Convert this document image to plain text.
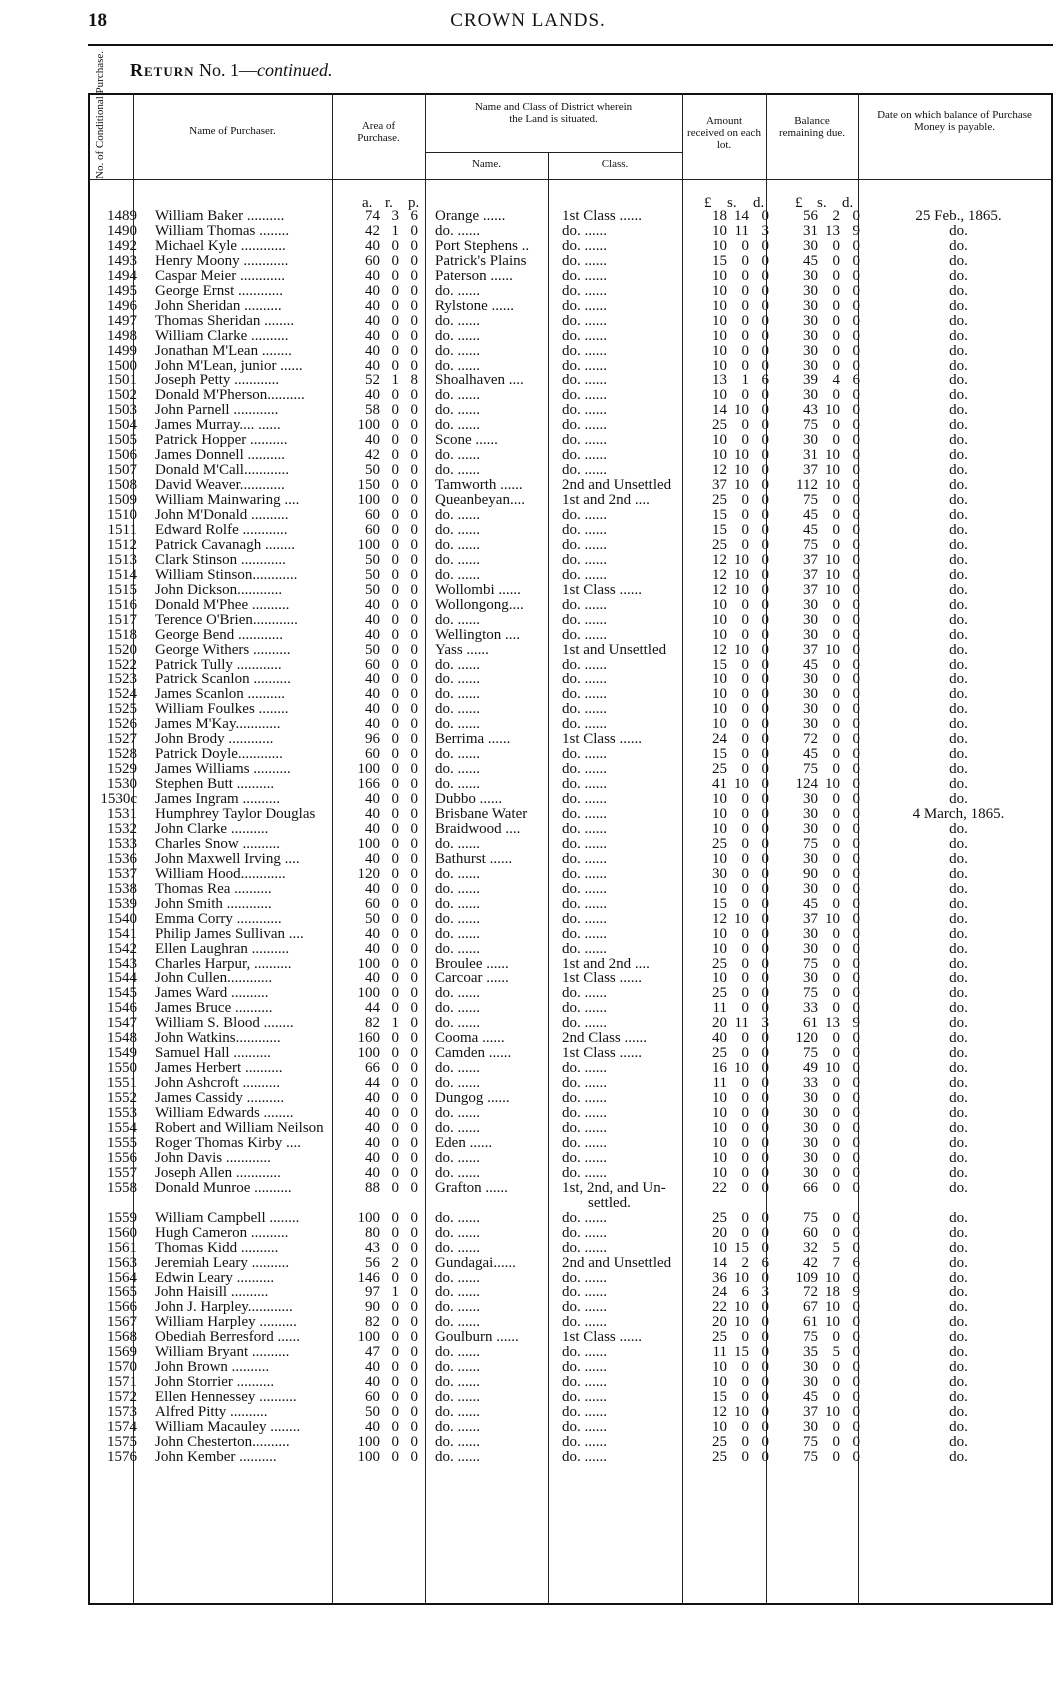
18	CROWN LANDS.
Return No. 1—continued.
No. of Conditional Purchase.	Name of Purchaser.	Area of Purchase.
Name and Class of District wherein the Land is situated.
Name.	Class.
Amount received on each lot.
Balance remaining due.
Date on which balance of Purchase Money is payable.
a. r. p.	£ s. d. £ s. d.
1489 William Baker ..........	74 3 6 Orange ......	1st Class ......	18 14 0	56 2 0	25 Feb., 1865.
1490 William Thomas ........	42 1 0 do. ......	do. ......	10 11 3	31 13 9	do.
1492 Michael Kyle ............	40 0 0 Port Stephens ..	do. ......	10 0 0	30 0 0	do.
1493 Henry Moony ............	60 0 0 Patrick's Plains	do. ......	15 0 0	45 0 0	do.
1494 Caspar Meier ............	40 0 0 Paterson ......	do. ......	10 0 0	30 0 0	do.
1495 George Ernst ............	40 0 0 do. ......	do. ......	10 0 0	30 0 0	do.
1496 John Sheridan ..........	40 0 0 Rylstone ......	do. ......	10 0 0	30 0 0	do.
1497 Thomas Sheridan ........	40 0 0 do. ......	do. ......	10 0 0	30 0 0	do.
1498 William Clarke ..........	40 0 0 do. ......	do. ......	10 0 0	30 0 0	do.
1499 Jonathan M'Lean ........	40 0 0 do. ......	do. ......	10 0 0	30 0 0	do.
1500 John M'Lean, junior ......	40 0 0 do. ......	do. ......	10 0 0	30 0 0	do.
1501 Joseph Petty ............	52 1 8 Shoalhaven ....	do. ......	13 1 6	39 4 6	do.
1502 Donald M'Pherson..........	40 0 0 do. ......	do. ......	10 0 0	30 0 0	do.
1503 John Parnell ............	58 0 0 do. ......	do. ......	14 10 0	43 10 0	do.
1504 James Murray.... ......	100 0 0 do. ......	do. ......	25 0 0	75 0 0	do.
1505 Patrick Hopper ..........	40 0 0 Scone ......	do. ......	10 0 0	30 0 0	do.
1506 James Donnell ..........	42 0 0 do. ......	do. ......	10 10 0	31 10 0	do.
1507 Donald M'Call............	50 0 0 do. ......	do. ......	12 10 0	37 10 0	do.
1508 David Weaver............	150 0 0 Tamworth ......	2nd and Unsettled	37 10 0	112 10 0	do.
1509 William Mainwaring ....	100 0 0 Queanbeyan....	1st and 2nd ....	25 0 0	75 0 0	do.
1510 John M'Donald ..........	60 0 0 do. ......	do. ......	15 0 0	45 0 0	do.
1511 Edward Rolfe ............	60 0 0 do. ......	do. ......	15 0 0	45 0 0	do.
1512 Patrick Cavanagh ........	100 0 0 do. ......	do. ......	25 0 0	75 0 0	do.
1513 Clark Stinson ............	50 0 0 do. ......	do. ......	12 10 0	37 10 0	do.
1514 William Stinson............	50 0 0 do. ......	do. ......	12 10 0	37 10 0	do.
1515 John Dickson............	50 0 0 Wollombi ......	1st Class ......	12 10 0	37 10 0	do.
1516 Donald M'Phee ..........	40 0 0 Wollongong....	do. ......	10 0 0	30 0 0	do.
1517 Terence O'Brien............	40 0 0 do. ......	do. ......	10 0 0	30 0 0	do.
1518 George Bend ............	40 0 0 Wellington ....	do. ......	10 0 0	30 0 0	do.
1520 George Withers ..........	50 0 0 Yass ......	1st and Unsettled	12 10 0	37 10 0	do.
1522 Patrick Tully ............	60 0 0 do. ......	do. ......	15 0 0	45 0 0	do.
1523 Patrick Scanlon ..........	40 0 0 do. ......	do. ......	10 0 0	30 0 0	do.
1524 James Scanlon ..........	40 0 0 do. ......	do. ......	10 0 0	30 0 0	do.
1525 William Foulkes ........	40 0 0 do. ......	do. ......	10 0 0	30 0 0	do.
1526 James M'Kay............	40 0 0 do. ......	do. ......	10 0 0	30 0 0	do.
1527 John Brody ............	96 0 0 Berrima ......	1st Class ......	24 0 0	72 0 0	do.
1528 Patrick Doyle............	60 0 0 do. ......	do. ......	15 0 0	45 0 0	do.
1529 James Williams ..........	100 0 0 do. ......	do. ......	25 0 0	75 0 0	do.
1530 Stephen Butt ..........	166 0 0 do. ......	do. ......	41 10 0	124 10 0	do.
1530c James Ingram ..........	40 0 0 Dubbo ......	do. ......	10 0 0	30 0 0	do.
1531 Humphrey Taylor Douglas	40 0 0 Brisbane Water	do. ......	10 0 0	30 0 0	4 March, 1865.
1532 John Clarke ..........	40 0 0 Braidwood ....	do. ......	10 0 0	30 0 0	do.
1533 Charles Snow ..........	100 0 0 do. ......	do. ......	25 0 0	75 0 0	do.
1536 John Maxwell Irving ....	40 0 0 Bathurst ......	do. ......	10 0 0	30 0 0	do.
1537 William Hood............	120 0 0 do. ......	do. ......	30 0 0	90 0 0	do.
1538 Thomas Rea ..........	40 0 0 do. ......	do. ......	10 0 0	30 0 0	do.
1539 John Smith ............	60 0 0 do. ......	do. ......	15 0 0	45 0 0	do.
1540 Emma Corry ............	50 0 0 do. ......	do. ......	12 10 0	37 10 0	do.
1541 Philip James Sullivan ....	40 0 0 do. ......	do. ......	10 0 0	30 0 0	do.
1542 Ellen Laughran ..........	40 0 0 do. ......	do. ......	10 0 0	30 0 0	do.
1543 Charles Harpur, ..........	100 0 0 Broulee ......	1st and 2nd ....	25 0 0	75 0 0	do.
1544 John Cullen............	40 0 0 Carcoar ......	1st Class ......	10 0 0	30 0 0	do.
1545 James Ward ..........	100 0 0 do. ......	do. ......	25 0 0	75 0 0	do.
1546 James Bruce ..........	44 0 0 do. ......	do. ......	11 0 0	33 0 0	do.
1547 William S. Blood ........	82 1 0 do. ......	do. ......	20 11 3	61 13 9	do.
1548 John Watkins............	160 0 0 Cooma ......	2nd Class ......	40 0 0	120 0 0	do.
1549 Samuel Hall ..........	100 0 0 Camden ......	1st Class ......	25 0 0	75 0 0	do.
1550 James Herbert ..........	66 0 0 do. ......	do. ......	16 10 0	49 10 0	do.
1551 John Ashcroft ..........	44 0 0 do. ......	do. ......	11 0 0	33 0 0	do.
1552 James Cassidy ..........	40 0 0 Dungog ......	do. ......	10 0 0	30 0 0	do.
1553 William Edwards ........	40 0 0 do. ......	do. ......	10 0 0	30 0 0	do.
1554 Robert and William Neilson	40 0 0 do. ......	do. ......	10 0 0	30 0 0	do.
1555 Roger Thomas Kirby ....	40 0 0 Eden ......	do. ......	10 0 0	30 0 0	do.
1556 John Davis ............	40 0 0 do. ......	do. ......	10 0 0	30 0 0	do.
1557 Joseph Allen ............	40 0 0 do. ......	do. ......	10 0 0	30 0 0	do.
1558 Donald Munroe ..........	88 0 0 Grafton ......	1st, 2nd, and Un-	22 0 0	66 0 0	do.
settled.
1559 William Campbell ........	100 0 0 do. ......	do. ......	25 0 0	75 0 0	do.
1560 Hugh Cameron ..........	80 0 0 do. ......	do. ......	20 0 0	60 0 0	do.
1561 Thomas Kidd ..........	43 0 0 do. ......	do. ......	10 15 0	32 5 0	do.
1563 Jeremiah Leary ..........	56 2 0 Gundagai......	2nd and Unsettled	14 2 6	42 7 6	do.
1564 Edwin Leary ..........	146 0 0 do. ......	do. ......	36 10 0	109 10 0	do.
1565 John Haisill ..........	97 1 0 do. ......	do. ......	24 6 3	72 18 9	do.
1566 John J. Harpley............	90 0 0 do. ......	do. ......	22 10 0	67 10 0	do.
1567 William Harpley ..........	82 0 0 do. ......	do. ......	20 10 0	61 10 0	do.
1568 Obediah Berresford ......	100 0 0 Goulburn ......	1st Class ......	25 0 0	75 0 0	do.
1569 William Bryant ..........	47 0 0 do. ......	do. ......	11 15 0	35 5 0	do.
1570 John Brown ..........	40 0 0 do. ......	do. ......	10 0 0	30 0 0	do.
1571 John Storrier ..........	40 0 0 do. ......	do. ......	10 0 0	30 0 0	do.
1572 Ellen Hennessey ..........	60 0 0 do. ......	do. ......	15 0 0	45 0 0	do.
1573 Alfred Pitty ..........	50 0 0 do. ......	do. ......	12 10 0	37 10 0	do.
1574 William Macauley ........	40 0 0 do. ......	do. ......	10 0 0	30 0 0	do.
1575 John Chesterton..........	100 0 0 do. ......	do. ......	25 0 0	75 0 0	do.
1576 John Kember ..........	100 0 0 do. ......	do. ......	25 0 0	75 0 0	do.
